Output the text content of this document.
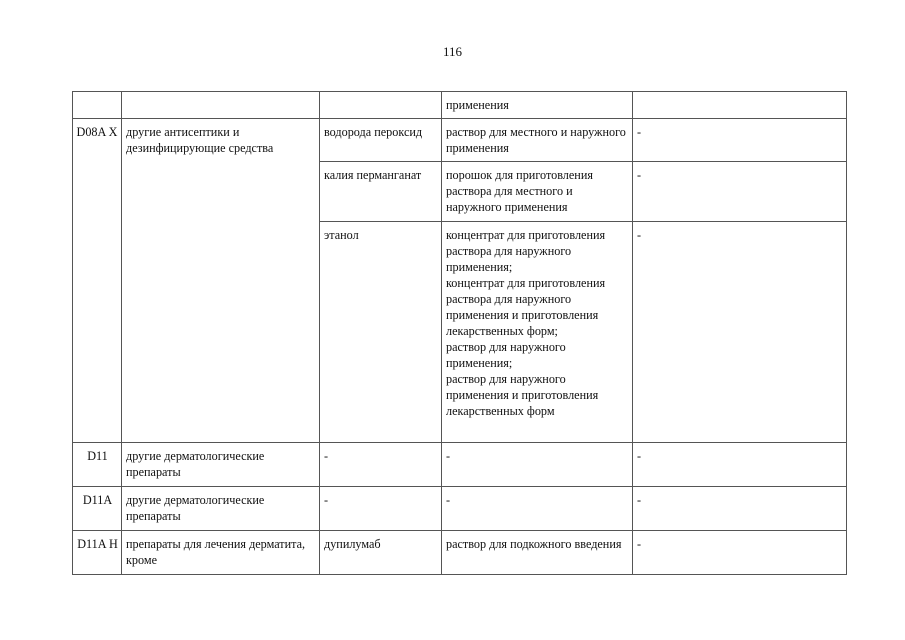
116
			применения	
D08A X	другие антисептики и дезинфицирующие средства	водорода пероксид	раствор для местного и наружного применения	-
		калия перманганат	порошок для приготовления раствора для местного и наружного применения	-
		этанол	концентрат для приготовления раствора для наружного применения;
концентрат для приготовления раствора для наружного применения и приготовления лекарственных форм;
раствор для наружного применения;
раствор для наружного применения и приготовления лекарственных форм	-
D11	другие дерматологические препараты	-	-	-
D11A	другие дерматологические препараты	-	-	-
D11A H	препараты для лечения дерматита, кроме	дупилумаб	раствор для подкожного введения	-
